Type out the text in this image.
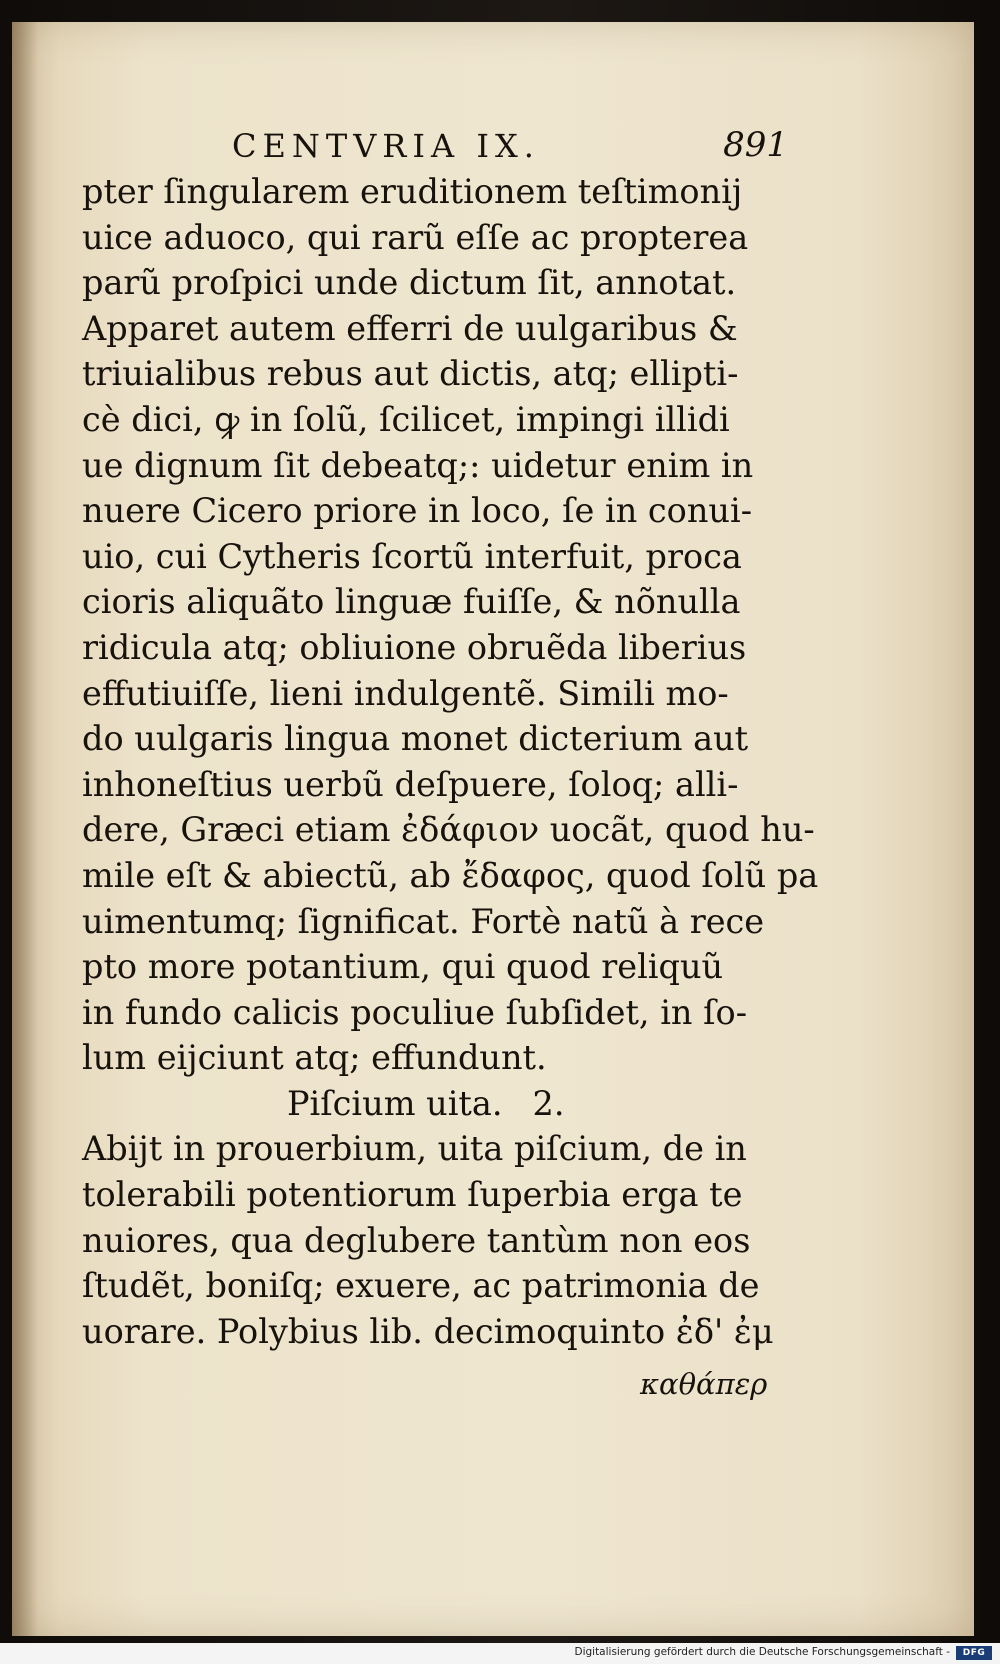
CENTVRIA IX.	891
pter ſingularem eruditionem teſtimonij
uice aduoco, qui rarũ eſſe ac propterea
parũ proſpici unde dictum ſit, annotat.
Apparet autem efferri de uulgaribus &
triuialibus rebus aut dictis, atq; ellipti-
cè dici, ꝙ in ſolũ, ſcilicet, impingi illidi
ue dignum ſit debeatq;: uidetur enim in
nuere Cicero priore in loco, ſe in conui-
uio, cui Cytheris ſcortũ interfuit, proca
cioris aliquãto linguæ fuiſſe, & nõnulla
ridicula atq; obliuione obruẽda liberius
effutiuiſſe, lieni indulgentẽ. Simili mo-
do uulgaris lingua monet dicterium aut
inhoneſtius uerbũ deſpuere, ſoloq; alli-
dere, Græci etiam ἐδάφιον uocãt, quod hu-
mile eſt & abiectũ, ab ἔδαφος, quod ſolũ pa
uimentumq; ſignificat. Fortè natũ à rece
pto more potantium, qui quod reliquũ
in fundo calicis poculiue ſubſidet, in ſo-
lum eijciunt atq; effundunt.
Piſcium uita. 2.
Abijt in prouerbium, uita piſcium, de in
tolerabili potentiorum ſuperbia erga te
nuiores, qua deglubere tantùm non eos
ſtudẽt, boniſq; exuere, ac patrimonia de
uorare. Polybius lib. decimoquinto ἐδ' ἐμ
καθάπερ
Digitalisierung gefördert durch die Deutsche Forschungsgemeinschaft -	DFG
